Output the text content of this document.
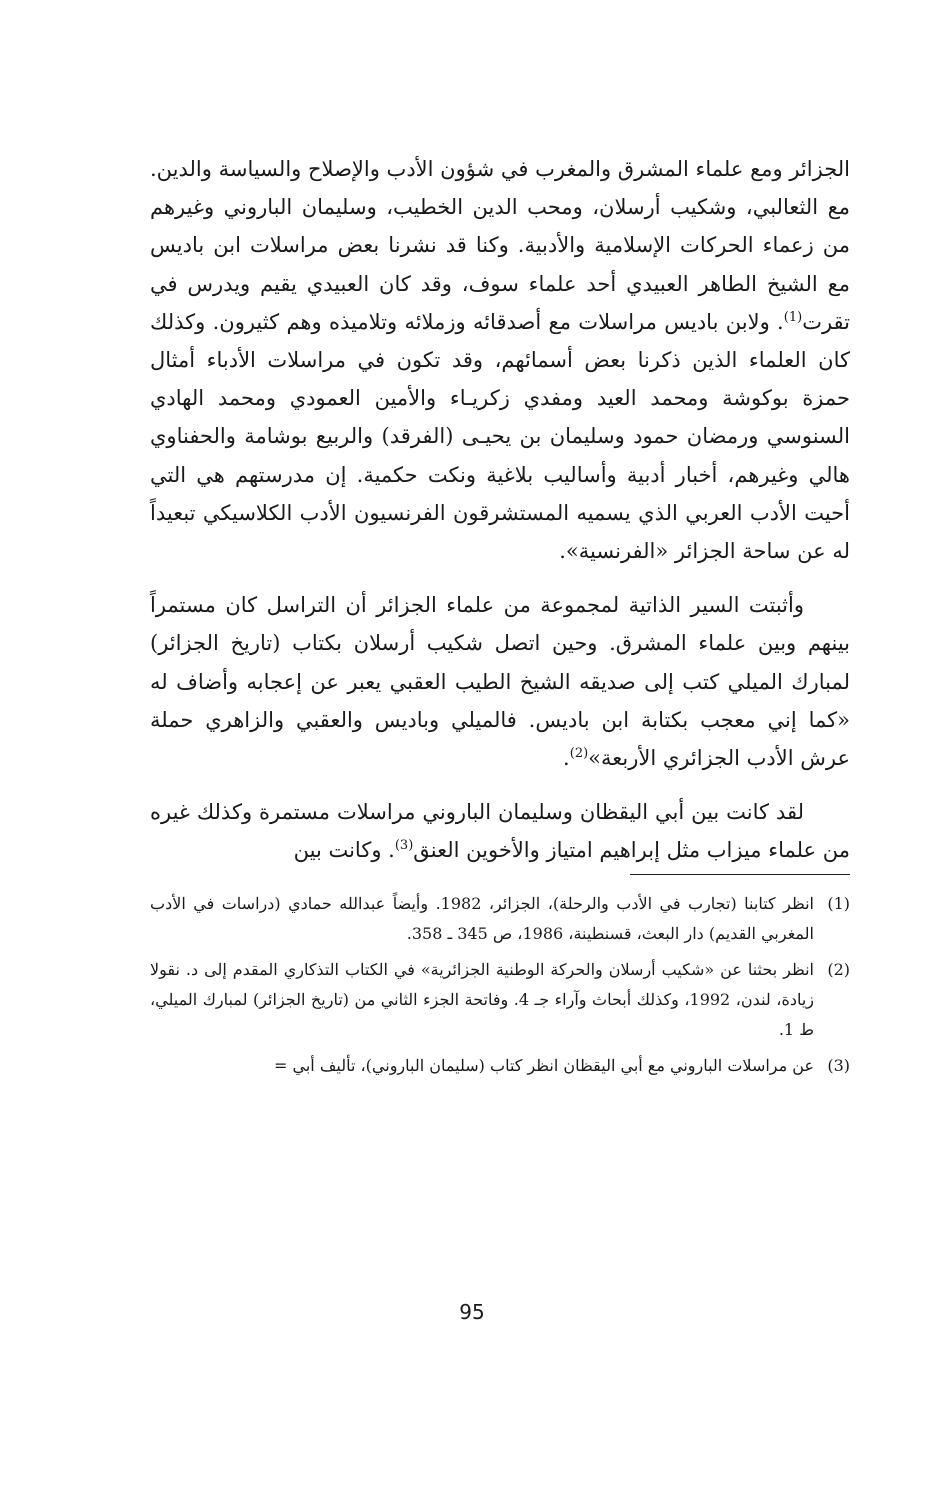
الجزائر ومع علماء المشرق والمغرب في شؤون الأدب والإصلاح والسياسة والدين. مع الثعالبي، وشكيب أرسلان، ومحب الدين الخطيب، وسليمان الباروني وغيرهم من زعماء الحركات الإسلامية والأدبية. وكنا قد نشرنا بعض مراسلات ابن باديس مع الشيخ الطاهر العبيدي أحد علماء سوف، وقد كان العبيدي يقيم ويدرس في تقرت$^{(1)}$. ولابن باديس مراسلات مع أصدقائه وزملائه وتلاميذه وهم كثيرون. وكذلك كان العلماء الذين ذكرنا بعض أسمائهم، وقد تكون في مراسلات الأدباء أمثال حمزة بوكوشة ومحمد العيد ومفدي زكريـاء والأمين العمودي ومحمد الهادي السنوسي ورمضان حمود وسليمان بن يحيـى (الفرقد) والربيع بوشامة والحفناوي هالي وغيرهم، أخبار أدبية وأساليب بلاغية ونكت حكمية. إن مدرستهم هي التي أحيت الأدب العربي الذي يسميه المستشرقون الفرنسيون الأدب الكلاسيكي تبعيداً له عن ساحة الجزائر «الفرنسية».

وأثبتت السير الذاتية لمجموعة من علماء الجزائر أن التراسل كان مستمراً بينهم وبين علماء المشرق. وحين اتصل شكيب أرسلان بكتاب (تاريخ الجزائر) لمبارك الميلي كتب إلى صديقه الشيخ الطيب العقبي يعبر عن إعجابه وأضاف له «كما إني معجب بكتابة ابن باديس. فالميلي وباديس والعقبي والزاهري حملة عرش الأدب الجزائري الأربعة»$^{(2)}$.

لقد كانت بين أبي اليقظان وسليمان الباروني مراسلات مستمرة وكذلك غيره من علماء ميزاب مثل إبراهيم امتياز والأخوين العنق$^{(3)}$. وكانت بين

(1)
انظر كتابنا (تجارب في الأدب والرحلة)، الجزائر، 1982. وأيضاً عبدالله حمادي (دراسات في الأدب المغربي القديم) دار البعث، قسنطينة، 1986، ص 345 ـ 358.
(2)
انظر بحثنا عن «شكيب أرسلان والحركة الوطنية الجزائرية» في الكتاب التذكاري المقدم إلى د. نقولا زيادة، لندن، 1992، وكذلك أبحاث وآراء جـ 4. وفاتحة الجزء الثاني من (تاريخ الجزائر) لمبارك الميلي، ط 1.
(3)
عن مراسلات الباروني مع أبي اليقظان انظر كتاب (سليمان الباروني)، تأليف أبي =
95
